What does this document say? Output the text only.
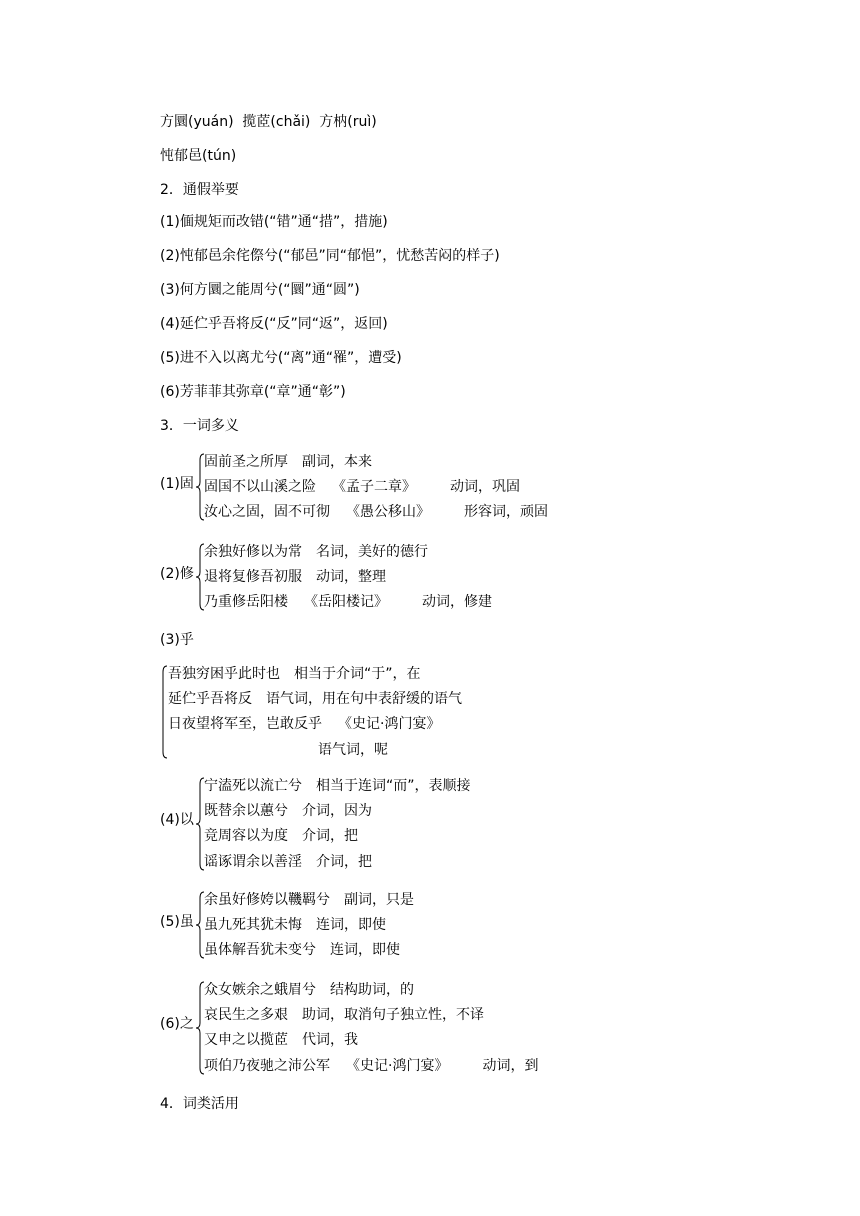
方圜(yuán)  揽茝(chǎi)  方枘(ruì)
忳郁邑(tún)
2．通假举要
(1)偭规矩而改错(“错”通“措”，措施)
(2)忳郁邑余侘傺兮(“郁邑”同“郁悒”，忧愁苦闷的样子)
(3)何方圜之能周兮(“圜”通“圆”)
(4)延伫乎吾将反(“反”同“返”，返回)
(5)进不入以离尤兮(“离”通“罹”，遭受)
(6)芳菲菲其弥章(“章”通“彰”)
3．一词多义
(1)固
固前圣之所厚 副词，本来
固国不以山溪之险 《孟子二章》 动词，巩固
汝心之固，固不可彻 《愚公移山》 形容词，顽固
(2)修
余独好修以为常 名词，美好的德行
退将复修吾初服 动词，整理
乃重修岳阳楼 《岳阳楼记》 动词，修建
(3)乎
吾独穷困乎此时也 相当于介词“于”，在
延伫乎吾将反 语气词，用在句中表舒缓的语气
日夜望将军至，岂敢反乎 《史记·鸿门宴》
语气词，呢
(4)以
宁溘死以流亡兮 相当于连词“而”，表顺接
既替余以蕙兮 介词，因为
竞周容以为度 介词，把
谣诼谓余以善淫 介词，把
(5)虽
余虽好修姱以鞿羁兮 副词，只是
虽九死其犹未悔 连词，即使
虽体解吾犹未变兮 连词，即使
(6)之
众女嫉余之蛾眉兮 结构助词，的
哀民生之多艰 助词，取消句子独立性，不译
又申之以揽茝 代词，我
项伯乃夜驰之沛公军 《史记·鸿门宴》 动词，到
4．词类活用
